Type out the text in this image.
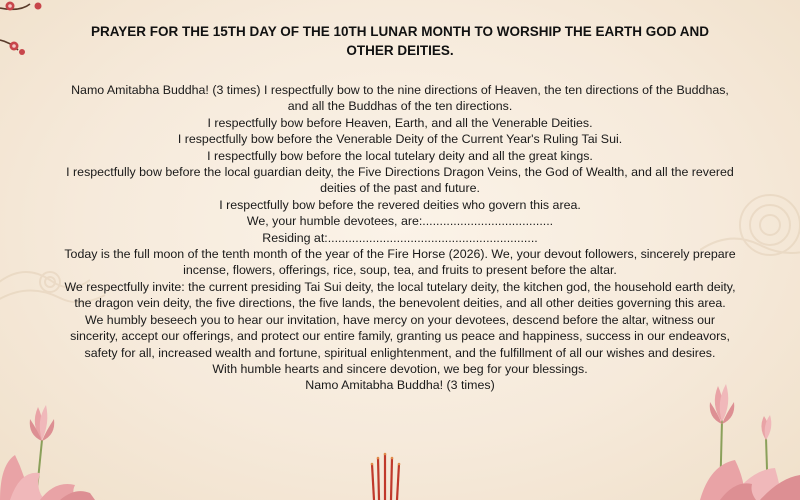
PRAYER FOR THE 15TH DAY OF THE 10TH LUNAR MONTH TO WORSHIP THE EARTH GOD AND OTHER DEITIES.

Namo Amitabha Buddha! (3 times) I respectfully bow to the nine directions of Heaven, the ten directions of the Buddhas, and all the Buddhas of the ten directions.

I respectfully bow before Heaven, Earth, and all the Venerable Deities.

I respectfully bow before the Venerable Deity of the Current Year's Ruling Tai Sui.

I respectfully bow before the local tutelary deity and all the great kings.

I respectfully bow before the local guardian deity, the Five Directions Dragon Veins, the God of Wealth, and all the revered deities of the past and future.

I respectfully bow before the revered deities who govern this area.

We, your humble devotees, are:......................................

Residing at:.............................................................

Today is the full moon of the tenth month of the year of the Fire Horse (2026). We, your devout followers, sincerely prepare incense, flowers, offerings, rice, soup, tea, and fruits to present before the altar.

We respectfully invite: the current presiding Tai Sui deity, the local tutelary deity, the kitchen god, the household earth deity, the dragon vein deity, the five directions, the five lands, the benevolent deities, and all other deities governing this area.

We humbly beseech you to hear our invitation, have mercy on your devotees, descend before the altar, witness our sincerity, accept our offerings, and protect our entire family, granting us peace and happiness, success in our endeavors, safety for all, increased wealth and fortune, spiritual enlightenment, and the fulfillment of all our wishes and desires.

With humble hearts and sincere devotion, we beg for your blessings.

Namo Amitabha Buddha! (3 times)
